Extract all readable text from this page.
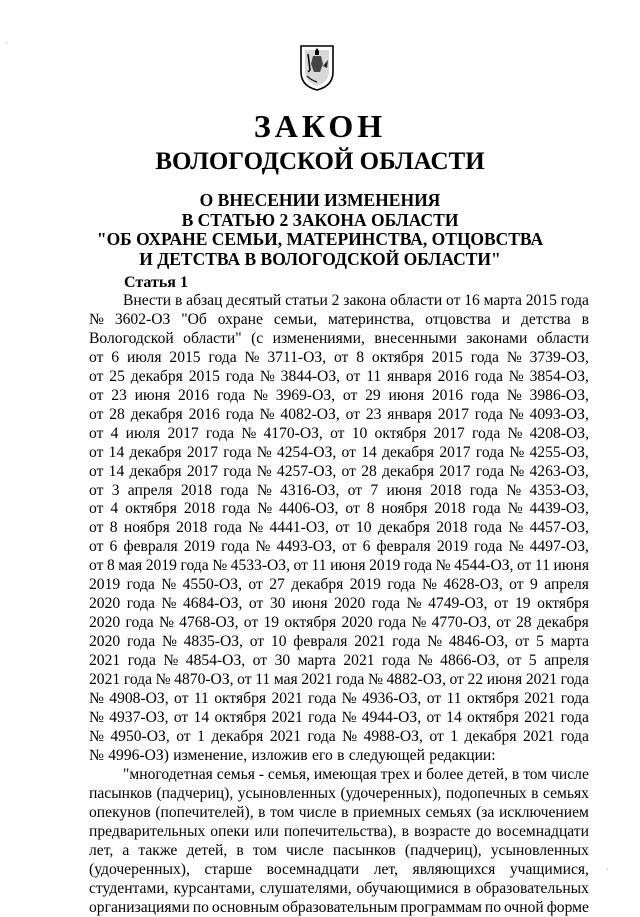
ЗАКОН
ВОЛОГОДСКОЙ ОБЛАСТИ
О ВНЕСЕНИИ ИЗМЕНЕНИЯ
В СТАТЬЮ 2 ЗАКОНА ОБЛАСТИ
"ОБ ОХРАНЕ СЕМЬИ, МАТЕРИНСТВА, ОТЦОВСТВА
И ДЕТСТВА В ВОЛОГОДСКОЙ ОБЛАСТИ"
Статья 1
Внести в абзац десятый статьи 2 закона области от 16 марта 2015 года
№ 3602-ОЗ "Об охране семьи, материнства, отцовства и детства в
Вологодской области" (с изменениями, внесенными законами области
от 6 июля 2015 года № 3711-ОЗ, от 8 октября 2015 года № 3739-ОЗ,
от 25 декабря 2015 года № 3844-ОЗ, от 11 января 2016 года № 3854-ОЗ,
от 23 июня 2016 года № 3969-ОЗ, от 29 июня 2016 года № 3986-ОЗ,
от 28 декабря 2016 года № 4082-ОЗ, от 23 января 2017 года № 4093-ОЗ,
от 4 июля 2017 года № 4170-ОЗ, от 10 октября 2017 года № 4208-ОЗ,
от 14 декабря 2017 года № 4254-ОЗ, от 14 декабря 2017 года № 4255-ОЗ,
от 14 декабря 2017 года № 4257-ОЗ, от 28 декабря 2017 года № 4263-ОЗ,
от 3 апреля 2018 года № 4316-ОЗ, от 7 июня 2018 года № 4353-ОЗ,
от 4 октября 2018 года № 4406-ОЗ, от 8 ноября 2018 года № 4439-ОЗ,
от 8 ноября 2018 года № 4441-ОЗ, от 10 декабря 2018 года № 4457-ОЗ,
от 6 февраля 2019 года № 4493-ОЗ, от 6 февраля 2019 года № 4497-ОЗ,
от 8 мая 2019 года № 4533-ОЗ, от 11 июня 2019 года № 4544-ОЗ, от 11 июня
2019 года № 4550-ОЗ, от 27 декабря 2019 года № 4628-ОЗ, от 9 апреля
2020 года № 4684-ОЗ, от 30 июня 2020 года № 4749-ОЗ, от 19 октября
2020 года № 4768-ОЗ, от 19 октября 2020 года № 4770-ОЗ, от 28 декабря
2020 года № 4835-ОЗ, от 10 февраля 2021 года № 4846-ОЗ, от 5 марта
2021 года № 4854-ОЗ, от 30 марта 2021 года № 4866-ОЗ, от 5 апреля
2021 года № 4870-ОЗ, от 11 мая 2021 года № 4882-ОЗ, от 22 июня 2021 года
№ 4908-ОЗ, от 11 октября 2021 года № 4936-ОЗ, от 11 октября 2021 года
№ 4937-ОЗ, от 14 октября 2021 года № 4944-ОЗ, от 14 октября 2021 года
№ 4950-ОЗ, от 1 декабря 2021 года № 4988-ОЗ, от 1 декабря 2021 года
№ 4996-ОЗ) изменение, изложив его в следующей редакции:
"многодетная семья - семья, имеющая трех и более детей, в том числе
пасынков (падчериц), усыновленных (удочеренных), подопечных в семьях
опекунов (попечителей), в том числе в приемных семьях (за исключением
предварительных опеки или попечительства), в возрасте до восемнадцати
лет, а также детей, в том числе пасынков (падчериц), усыновленных
(удочеренных), старше восемнадцати лет, являющихся учащимися,
студентами, курсантами, слушателями, обучающимися в образовательных
организациями по основным образовательным программам по очной форме
·
·
